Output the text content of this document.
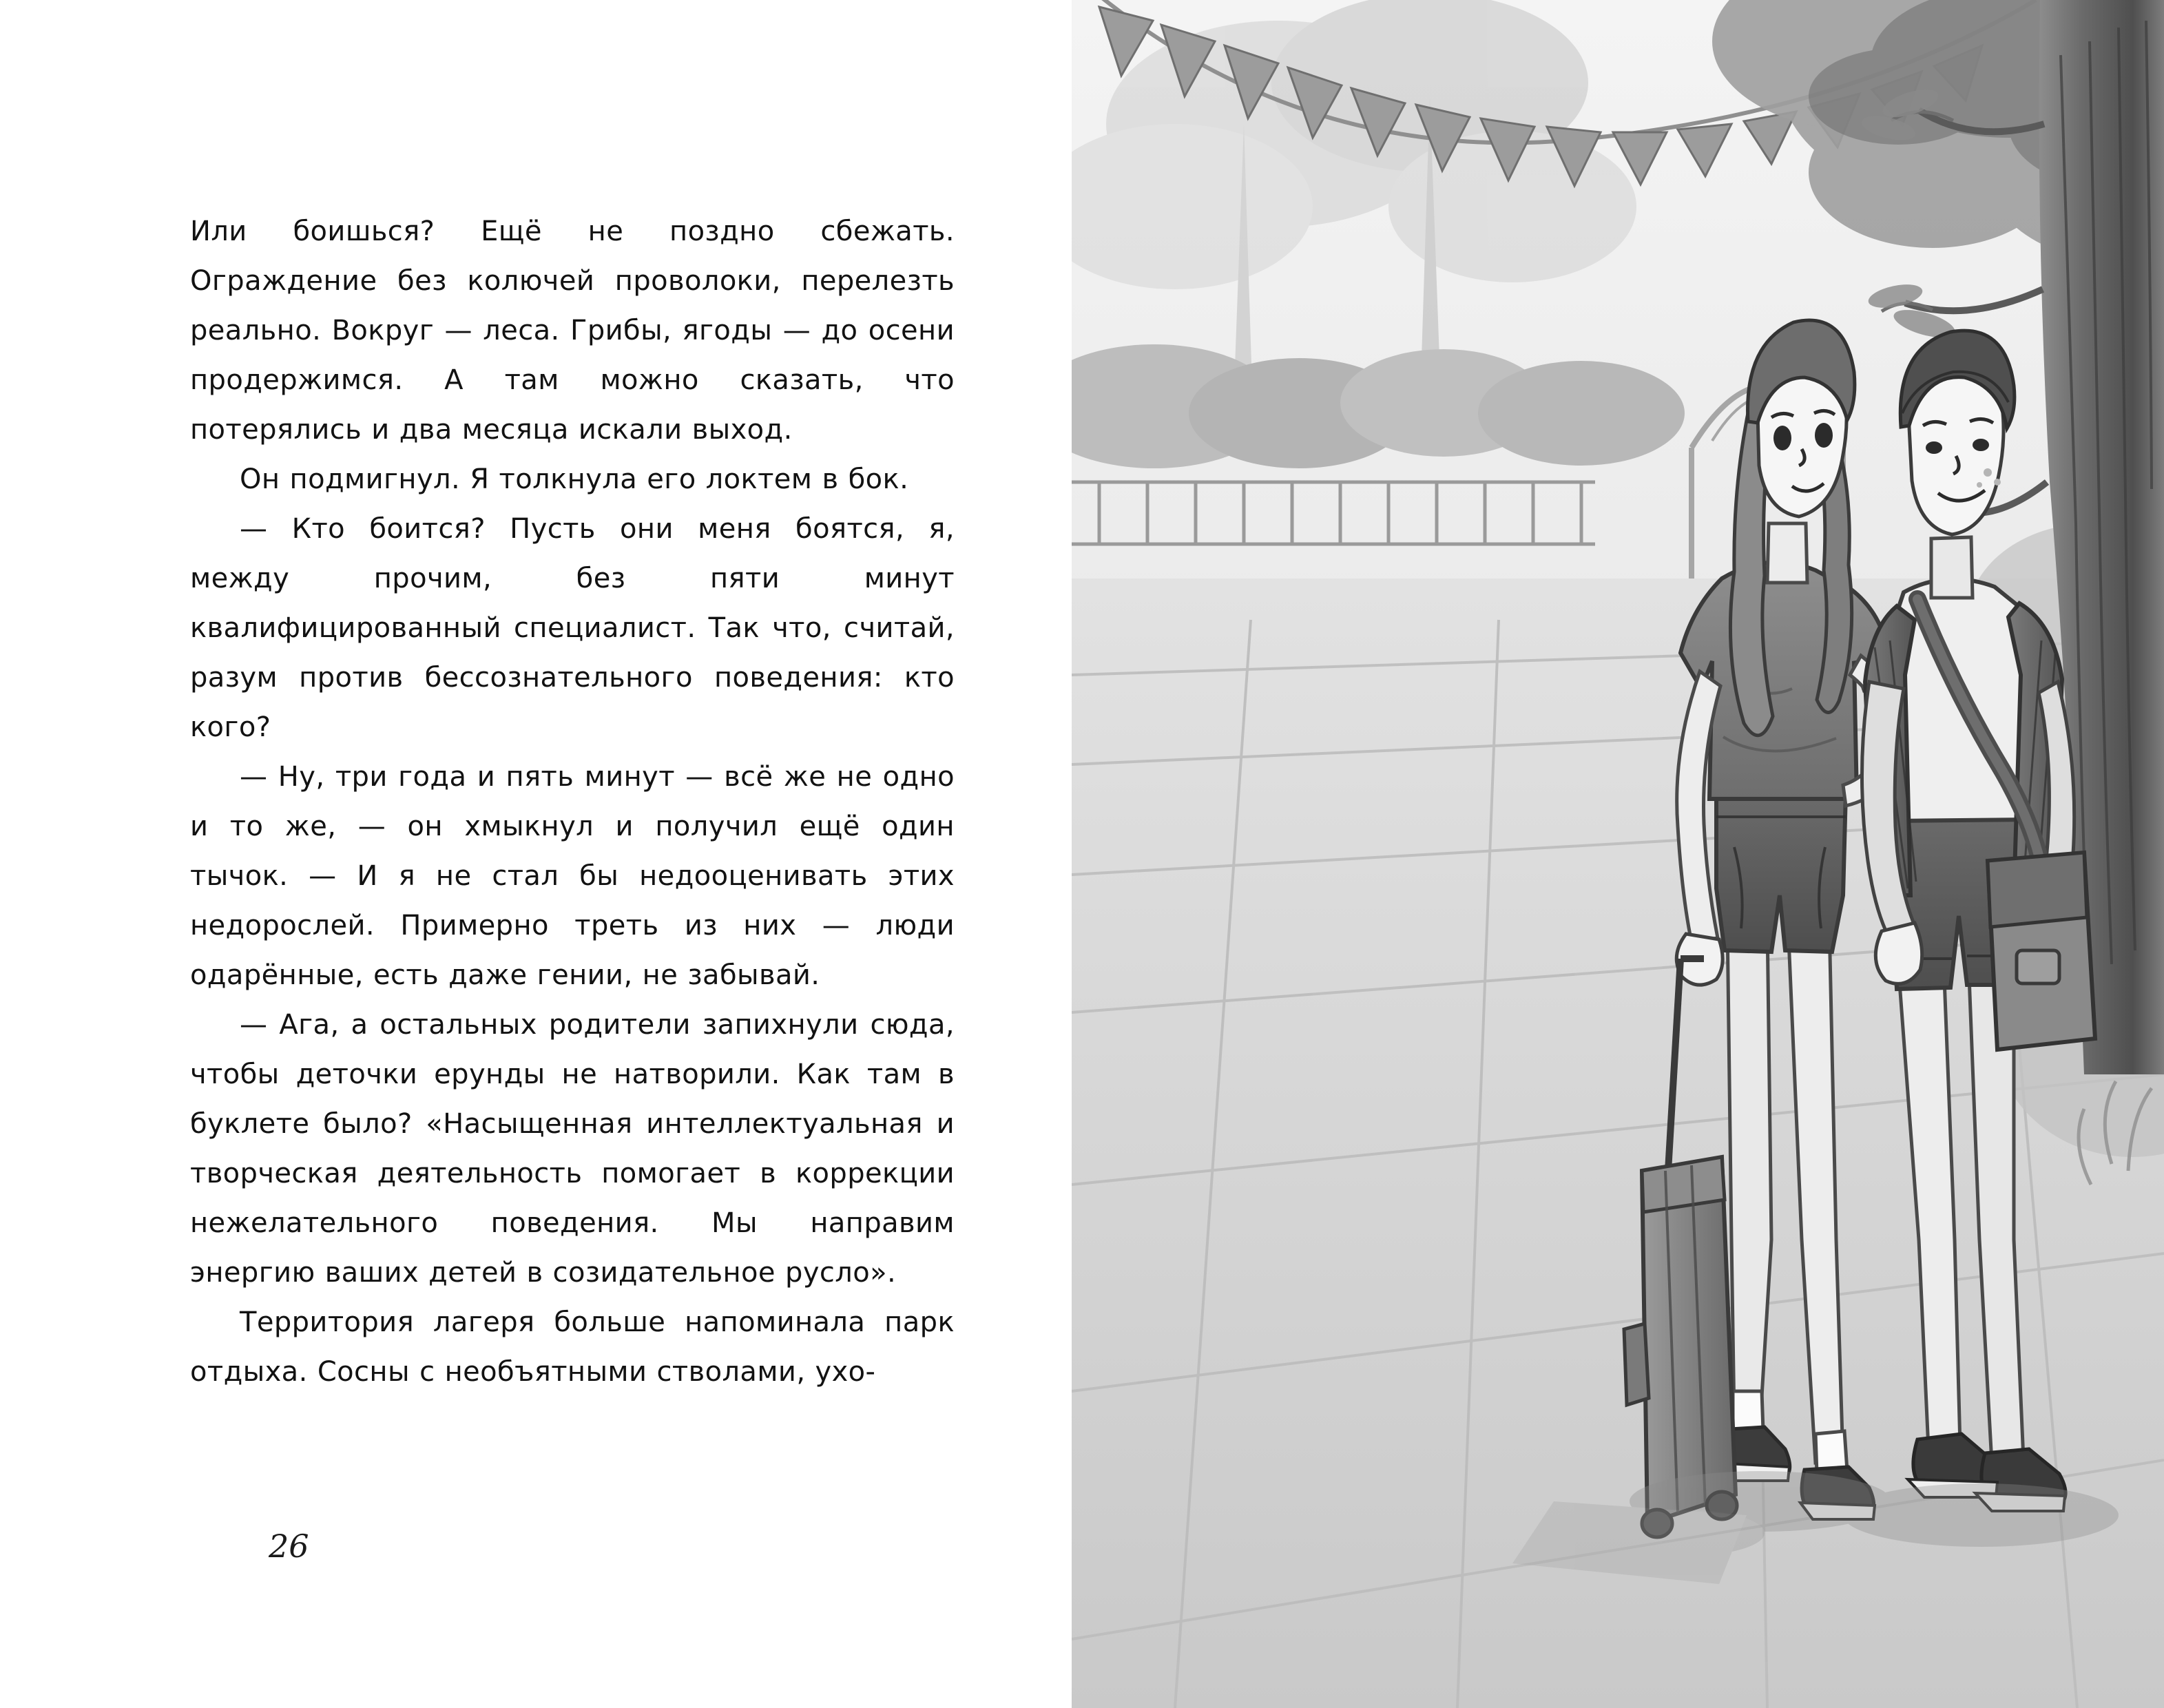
Или боишься? Ещё не поздно сбежать. Ограждение без колючей проволоки, перелезть реально. Вокруг — леса. Грибы, ягоды — до осени продержимся. А там можно сказать, что потерялись и два месяца искали выход.

Он подмигнул. Я толкнула его локтем в бок.

— Кто боится? Пусть они меня боятся, я, между прочим, без пяти минут квалифицированный специалист. Так что, считай, разум против бессознательного поведения: кто кого?

— Ну, три года и пять минут — всё же не одно и то же, — он хмыкнул и получил ещё один тычок. — И я не стал бы недооценивать этих недорослей. Примерно треть из них — люди одарённые, есть даже гении, не забывай.

— Ага, а остальных родители запихнули сюда, чтобы деточки ерунды не натворили. Как там в буклете было? «Насыщенная интеллектуальная и творческая деятельность помогает в коррекции нежелательного поведения. Мы направим энергию ваших детей в созидательное русло».

Территория лагеря больше напоминала парк отдыха. Сосны с необъятными стволами, ухо-

26
